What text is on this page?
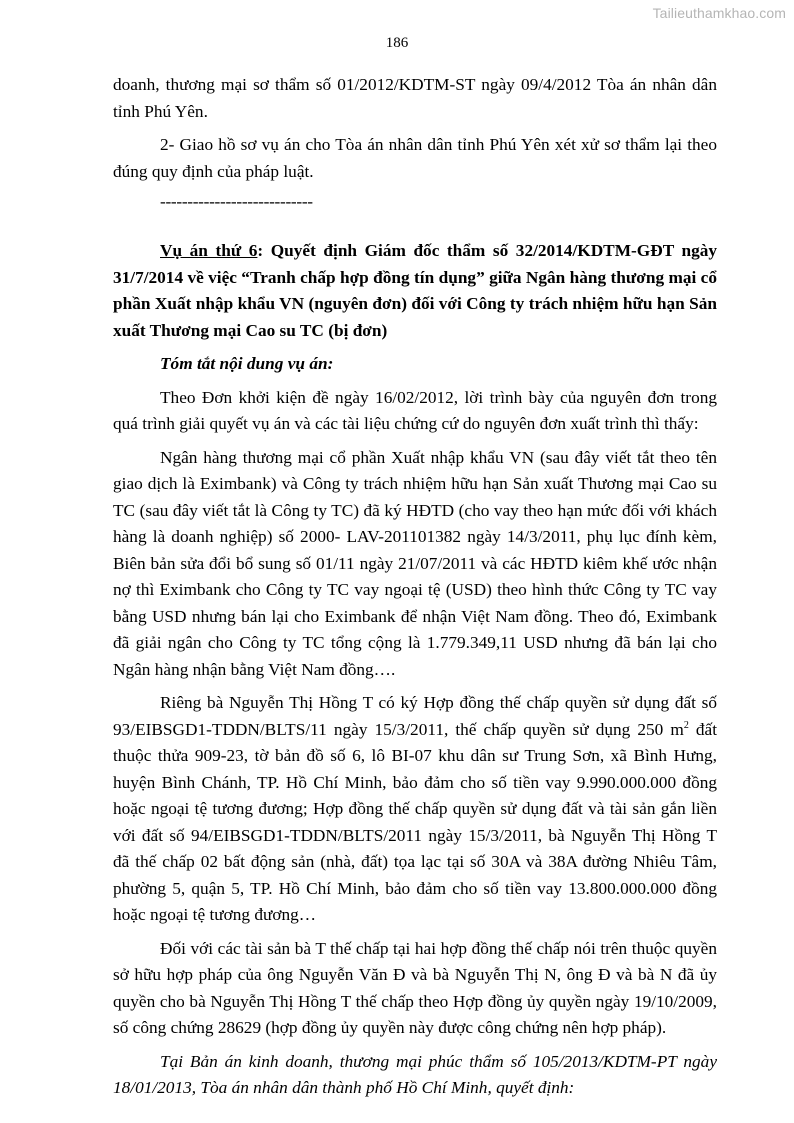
Tailieuthamkhao.com
186

doanh, thương mại sơ thẩm số 01/2012/KDTM-ST ngày 09/4/2012 Tòa án nhân dân tỉnh Phú Yên.

2- Giao hồ sơ vụ án cho Tòa án nhân dân tỉnh Phú Yên xét xử sơ thẩm lại theo đúng quy định của pháp luật.

----------------------------

Vụ án thứ 6: Quyết định Giám đốc thẩm số 32/2014/KDTM-GĐT ngày 31/7/2014 về việc “Tranh chấp hợp đồng tín dụng” giữa Ngân hàng thương mại cổ phần Xuất nhập khẩu VN (nguyên đơn) đối với Công ty trách nhiệm hữu hạn Sản xuất Thương mại Cao su TC (bị đơn)

Tóm tắt nội dung vụ án:

Theo Đơn khởi kiện đề ngày 16/02/2012, lời trình bày của nguyên đơn trong quá trình giải quyết vụ án và các tài liệu chứng cứ do nguyên đơn xuất trình thì thấy:

Ngân hàng thương mại cổ phần Xuất nhập khẩu VN (sau đây viết tắt theo tên giao dịch là Eximbank) và Công ty trách nhiệm hữu hạn Sản xuất Thương mại Cao su TC (sau đây viết tắt là Công ty TC) đã ký HĐTD (cho vay theo hạn mức đối với khách hàng là doanh nghiệp) số 2000- LAV-201101382 ngày 14/3/2011, phụ lục đính kèm, Biên bản sửa đổi bổ sung số 01/11 ngày 21/07/2011 và các HĐTD kiêm khế ước nhận nợ thì Eximbank cho Công ty TC vay ngoại tệ (USD) theo hình thức Công ty TC vay bằng USD nhưng bán lại cho Eximbank để nhận Việt Nam đồng. Theo đó, Eximbank đã giải ngân cho Công ty TC tổng cộng là 1.779.349,11 USD nhưng đã bán lại cho Ngân hàng nhận bằng Việt Nam đồng….

Riêng bà Nguyễn Thị Hồng T có ký Hợp đồng thế chấp quyền sử dụng đất số 93/EIBSGD1-TDDN/BLTS/11 ngày 15/3/2011, thế chấp quyền sử dụng 250 $m^2$ đất thuộc thửa 909-23, tờ bản đồ số 6, lô BI-07 khu dân sư Trung Sơn, xã Bình Hưng, huyện Bình Chánh, TP. Hồ Chí Minh, bảo đảm cho số tiền vay 9.990.000.000 đồng hoặc ngoại tệ tương đương; Hợp đồng thế chấp quyền sử dụng đất và tài sản gắn liền với đất số 94/EIBSGD1-TDDN/BLTS/2011 ngày 15/3/2011, bà Nguyễn Thị Hồng T đã thế chấp 02 bất động sản (nhà, đất) tọa lạc tại số 30A và 38A đường Nhiêu Tâm, phường 5, quận 5, TP. Hồ Chí Minh, bảo đảm cho số tiền vay 13.800.000.000 đồng hoặc ngoại tệ tương đương…

Đối với các tài sản bà T thế chấp tại hai hợp đồng thế chấp nói trên thuộc quyền sở hữu hợp pháp của ông Nguyễn Văn Đ và bà Nguyễn Thị N, ông Đ và bà N đã ủy quyền cho bà Nguyễn Thị Hồng T thế chấp theo Hợp đồng ủy quyền ngày 19/10/2009, số công chứng 28629 (hợp đồng ủy quyền này được công chứng nên hợp pháp).

Tại Bản án kinh doanh, thương mại phúc thẩm số 105/2013/KDTM-PT ngày 18/01/2013, Tòa án nhân dân thành phố Hồ Chí Minh, quyết định:
